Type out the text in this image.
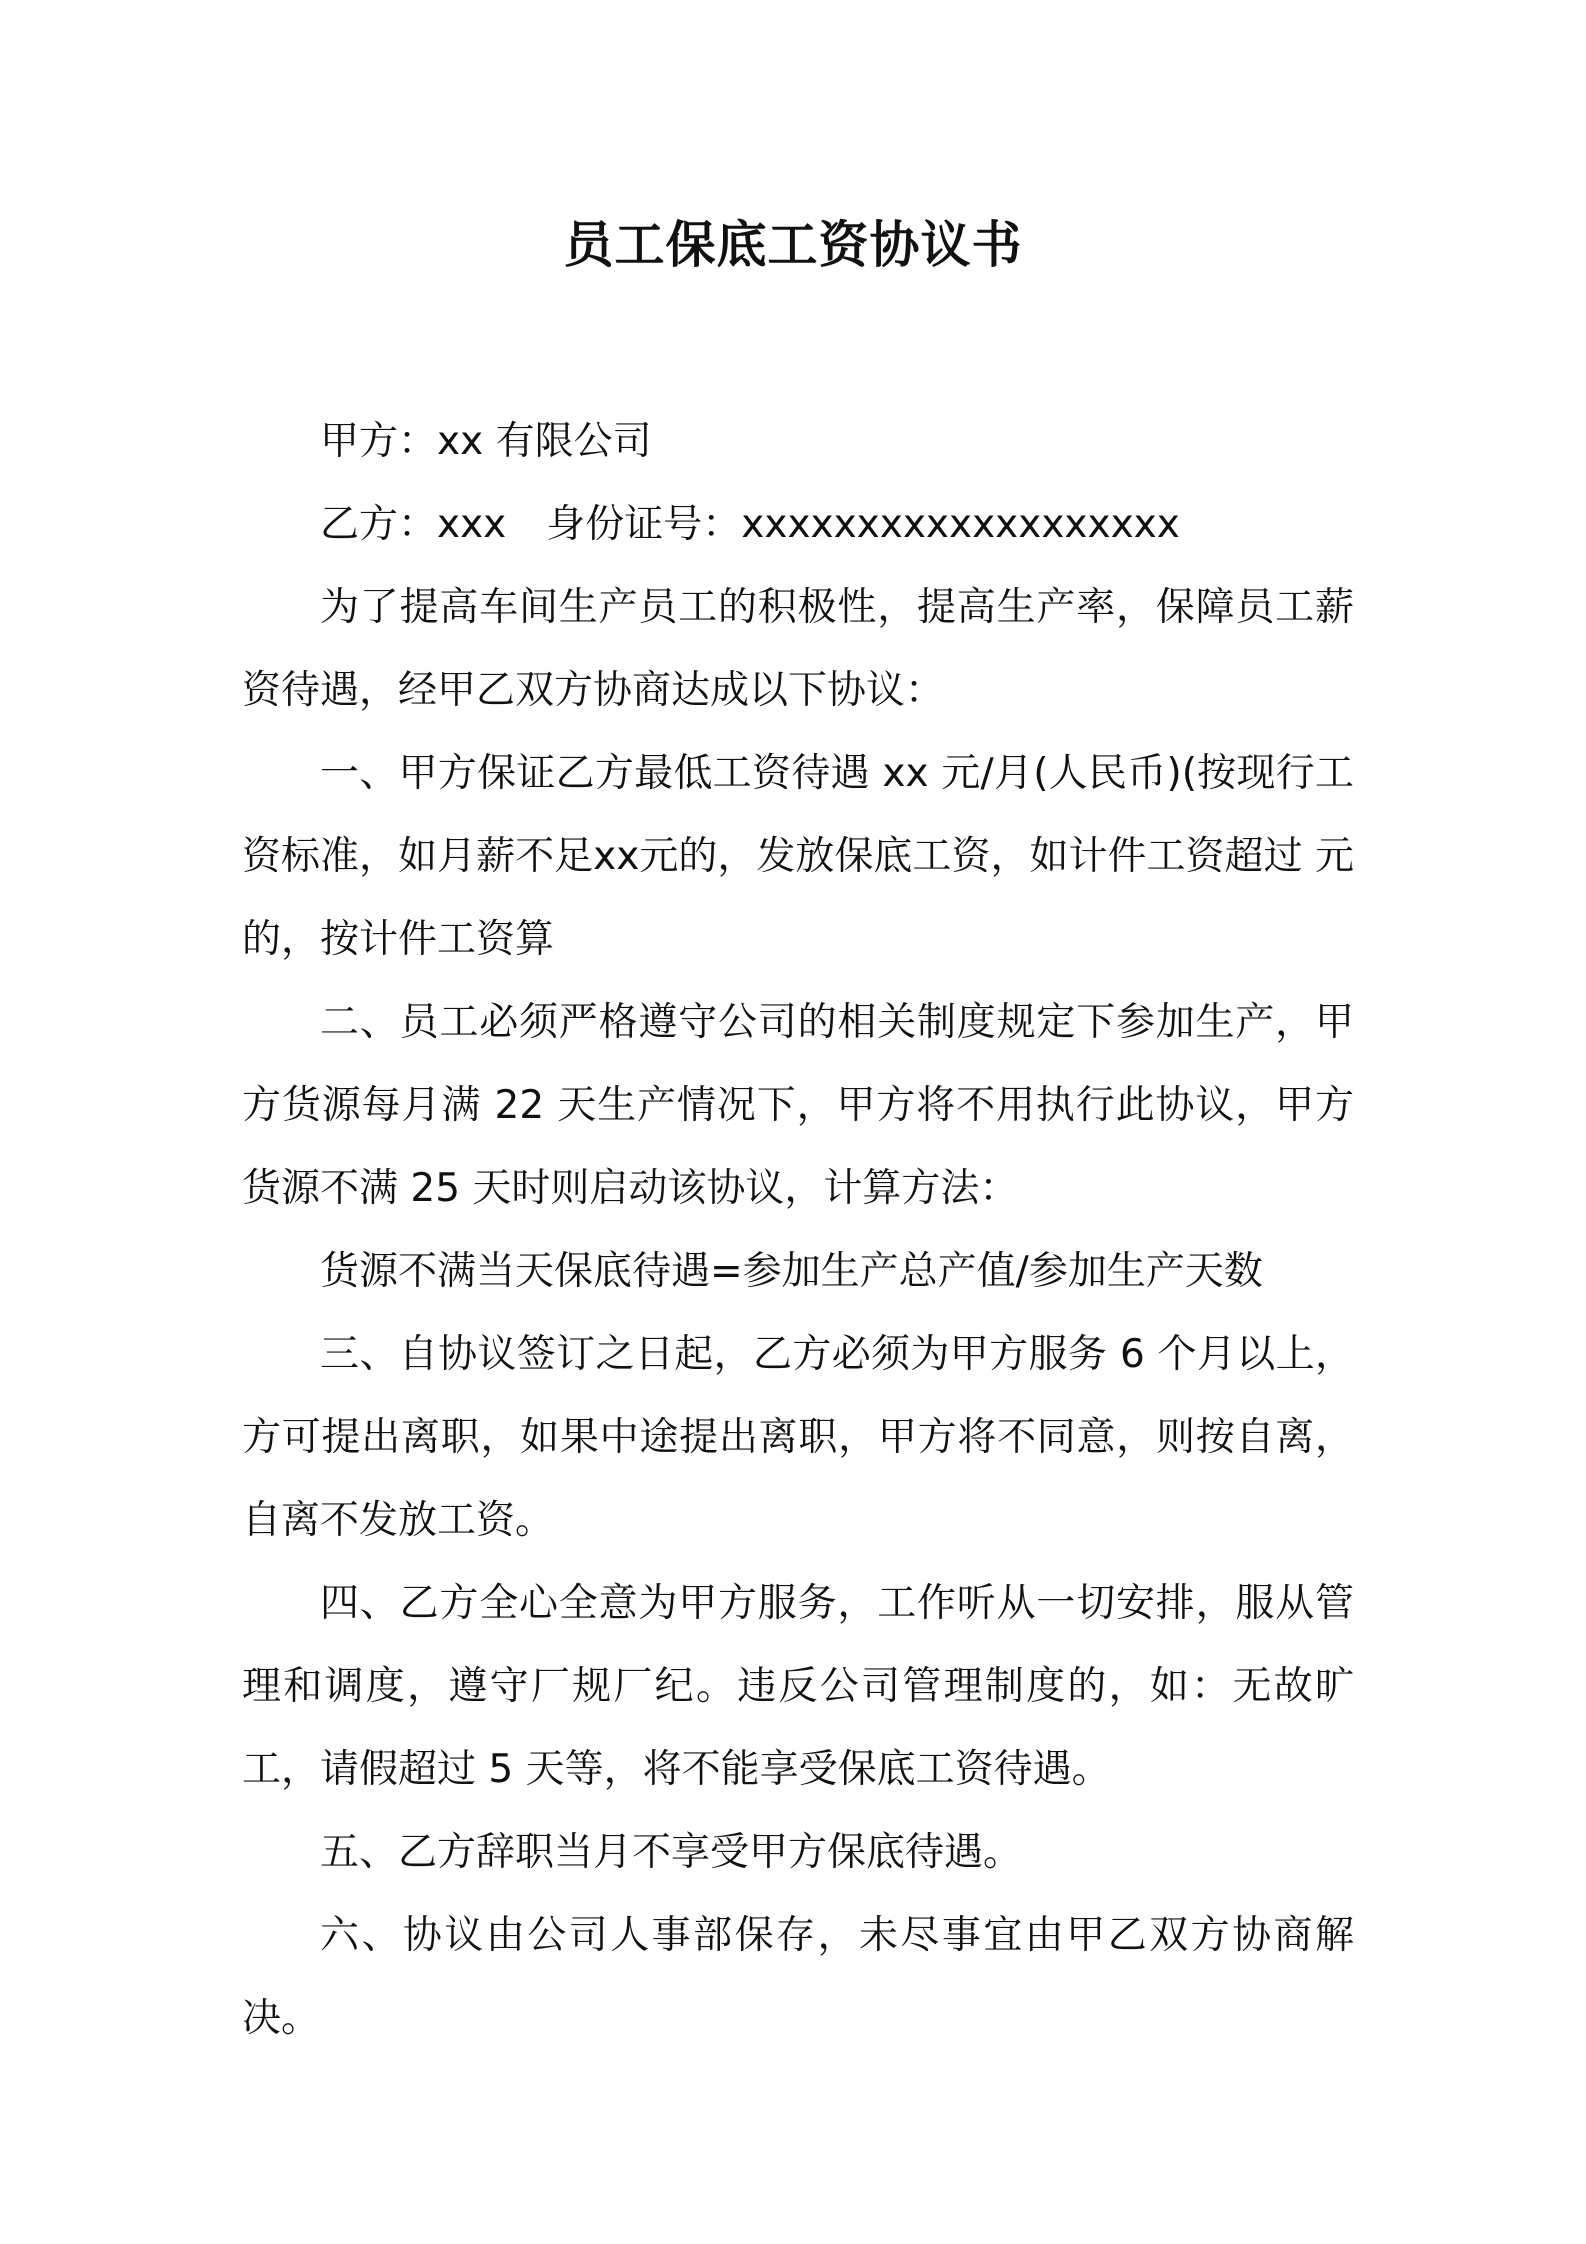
员工保底工资协议书

甲方：xx 有限公司

乙方：xxx 身份证号：xxxxxxxxxxxxxxxxxxx

为了提高车间生产员工的积极性，提高生产率，保障员工薪资待遇，经甲乙双方协商达成以下协议：

一、甲方保证乙方最低工资待遇 xx 元/月(人民币)(按现行工资标准，如月薪不足xx元的，发放保底工资，如计件工资超过 元的，按计件工资算

二、员工必须严格遵守公司的相关制度规定下参加生产，甲方货源每月满 22 天生产情况下，甲方将不用执行此协议，甲方货源不满 25 天时则启动该协议，计算方法：

货源不满当天保底待遇=参加生产总产值/参加生产天数

三、自协议签订之日起，乙方必须为甲方服务 6 个月以上，方可提出离职，如果中途提出离职，甲方将不同意，则按自离，自离不发放工资。

四、乙方全心全意为甲方服务，工作听从一切安排，服从管理和调度，遵守厂规厂纪。违反公司管理制度的，如：无故旷工，请假超过 5 天等，将不能享受保底工资待遇。

五、乙方辞职当月不享受甲方保底待遇。

六、协议由公司人事部保存，未尽事宜由甲乙双方协商解决。
